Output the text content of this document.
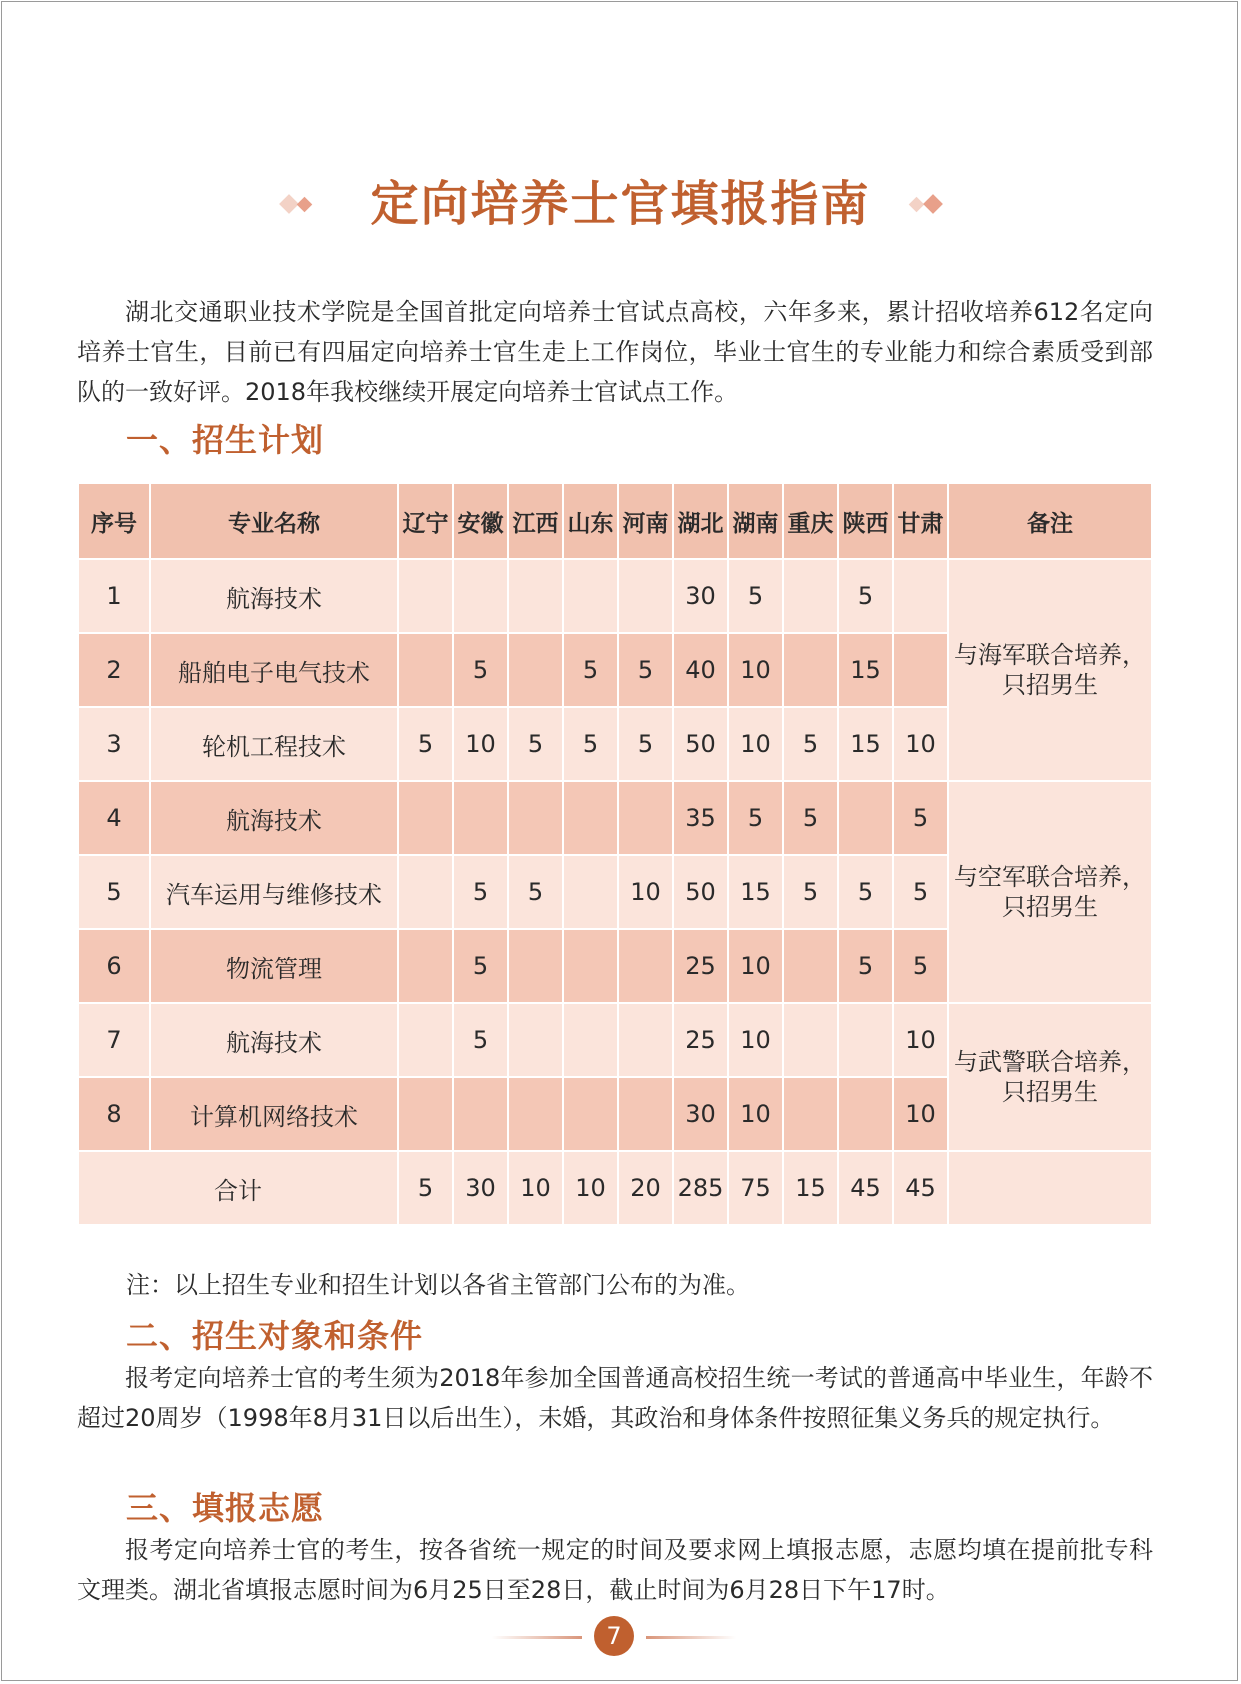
定向培养士官填报指南

湖北交通职业技术学院是全国首批定向培养士官试点高校，六年多来，累计招收培养612名定向培养士官生，目前已有四届定向培养士官生走上工作岗位，毕业士官生的专业能力和综合素质受到部队的一致好评。2018年我校继续开展定向培养士官试点工作。

一、招生计划
序号	专业名称	辽宁	安徽	江西	山东	河南	湖北	湖南	重庆	陕西	甘肃	备注
1	航海技术						30	5		5		与海军联合培养，
只招男生

2	船舶电子电气技术		5		5	5	40	10		15		
3	轮机工程技术	5	10	5	5	5	50	10	5	15	10	
4	航海技术						35	5	5		5	与空军联合培养，
只招男生

5	汽车运用与维修技术		5	5		10	50	15	5	5	5	
6	物流管理		5				25	10		5	5	
7	航海技术		5				25	10			10	与武警联合培养，
只招男生

8	计算机网络技术						30	10			10	
合计		5	30	10	10	20	285	75	15	45	45	
注：以上招生专业和招生计划以各省主管部门公布的为准。
二、招生对象和条件

报考定向培养士官的考生须为2018年参加全国普通高校招生统一考试的普通高中毕业生，年龄不超过20周岁（1998年8月31日以后出生），未婚，其政治和身体条件按照征集义务兵的规定执行。

三、填报志愿

报考定向培养士官的考生，按各省统一规定的时间及要求网上填报志愿，志愿均填在提前批专科文理类。湖北省填报志愿时间为6月25日至28日，截止时间为6月28日下午17时。

7
